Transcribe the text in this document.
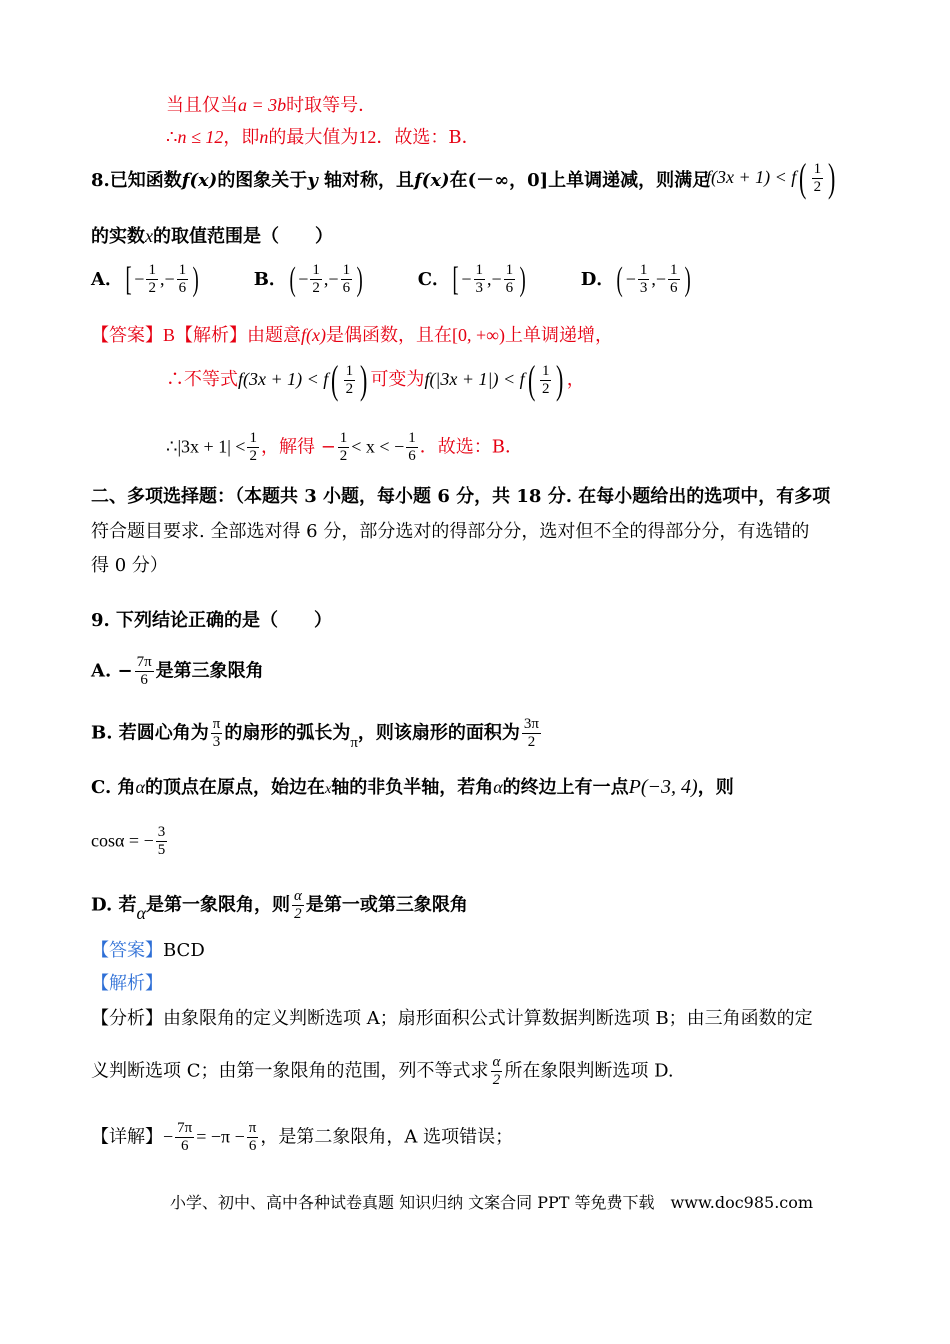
当且仅当a = 3b时取等号．
∴n ≤ 12，即n的最大值为12．故选：B．
8.已知函数f(x)的图象关于y 轴对称，且f(x)在(－∞，0]上单调递减，则满足
$f(3x + 1) < f( \frac{1}{2}$ )
的实数x的取值范围是（　　）
A．[ − $\frac{1}{2}$ ,− $\frac{1}{6}$ )	B．( − $\frac{1}{2}$ ,− $\frac{1}{6}$ )	C．[ − $\frac{1}{3}$ ,− $\frac{1}{6}$ )	D．( − $\frac{1}{3}$ ,− $\frac{1}{6}$ )
【答案】B【解析】由题意f(x)是偶函数，且在[0, +∞)上单调递增，
∴不等式$f(3x + 1) < f( \frac{1}{2}$ ) 可变为$f(|3x + 1|) < f( \frac{1}{2}$ ) ，
∴|3x + $1| < \frac{1}{2}$ ，解得 − $\frac{1}{2} < x$ < − $\frac{1}{6}$ ．故选：B．
二、多项选择题：（本题共 3 小题，每小题 6 分，共 18 分. 在每小题给出的选项中，有多项
符合题目要求. 全部选对得 6 分，部分选对的得部分分，选对但不全的得部分分，有选错的
得 0 分）
9. 下列结论正确的是（　　）
A. − $\frac{7\pi}{6}$ 是第三象限角
B. 若圆心角为 $\frac{\pi}{3}$ 的扇形的弧长为$_\pi$，则该扇形的面积为 $\frac{3\pi}{2}$
C. 角α的顶点在原点，始边在x轴的非负半轴，若角α的终边上有一点P(−3, 4)，则
cosα = − $\frac{3}{5}$
D. 若α是第一象限角，则 $\frac{\alpha}{2}$ 是第一或第三象限角
【答案】BCD
【解析】
【分析】由象限角的定义判断选项 A；扇形面积公式计算数据判断选项 B；由三角函数的定
义判断选项 C；由第一象限角的范围，列不等式求 $\frac{\alpha}{2}$ 所在象限判断选项 D.
【详解】− $\frac{7\pi}{6} = -\pi - \frac{\pi}{6}$ ，是第二象限角，A 选项错误；
小学、初中、高中各种试卷真题 知识归纳 文案合同 PPT 等免费下载　www.doc985.com
